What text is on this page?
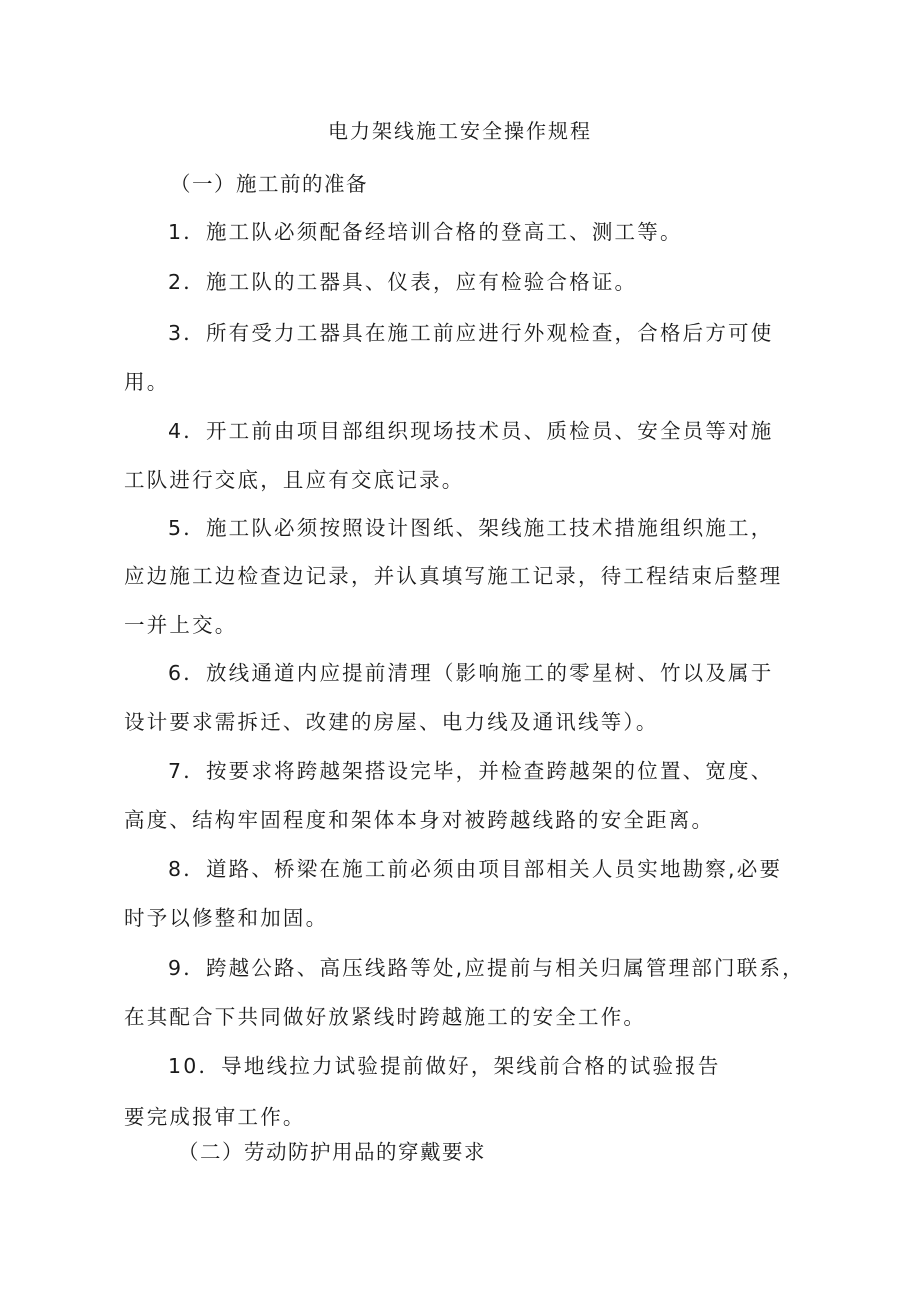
电力架线施工安全操作规程
（一）施工前的准备
1．施工队必须配备经培训合格的登高工、测工等。
2．施工队的工器具、仪表，应有检验合格证。
3．所有受力工器具在施工前应进行外观检查，合格后方可使
用。
4．开工前由项目部组织现场技术员、质检员、安全员等对施
工队进行交底，且应有交底记录。
5．施工队必须按照设计图纸、架线施工技术措施组织施工，
应边施工边检查边记录，并认真填写施工记录，待工程结束后整理
一并上交。
6．放线通道内应提前清理（影响施工的零星树、竹以及属于
设计要求需拆迁、改建的房屋、电力线及通讯线等）。
7．按要求将跨越架搭设完毕，并检查跨越架的位置、宽度、
高度、结构牢固程度和架体本身对被跨越线路的安全距离。
8．道路、桥梁在施工前必须由项目部相关人员实地勘察,必要
时予以修整和加固。
9．跨越公路、高压线路等处,应提前与相关归属管理部门联系，
在其配合下共同做好放紧线时跨越施工的安全工作。
10．导地线拉力试验提前做好，架线前合格的试验报告
要完成报审工作。
（二）劳动防护用品的穿戴要求
